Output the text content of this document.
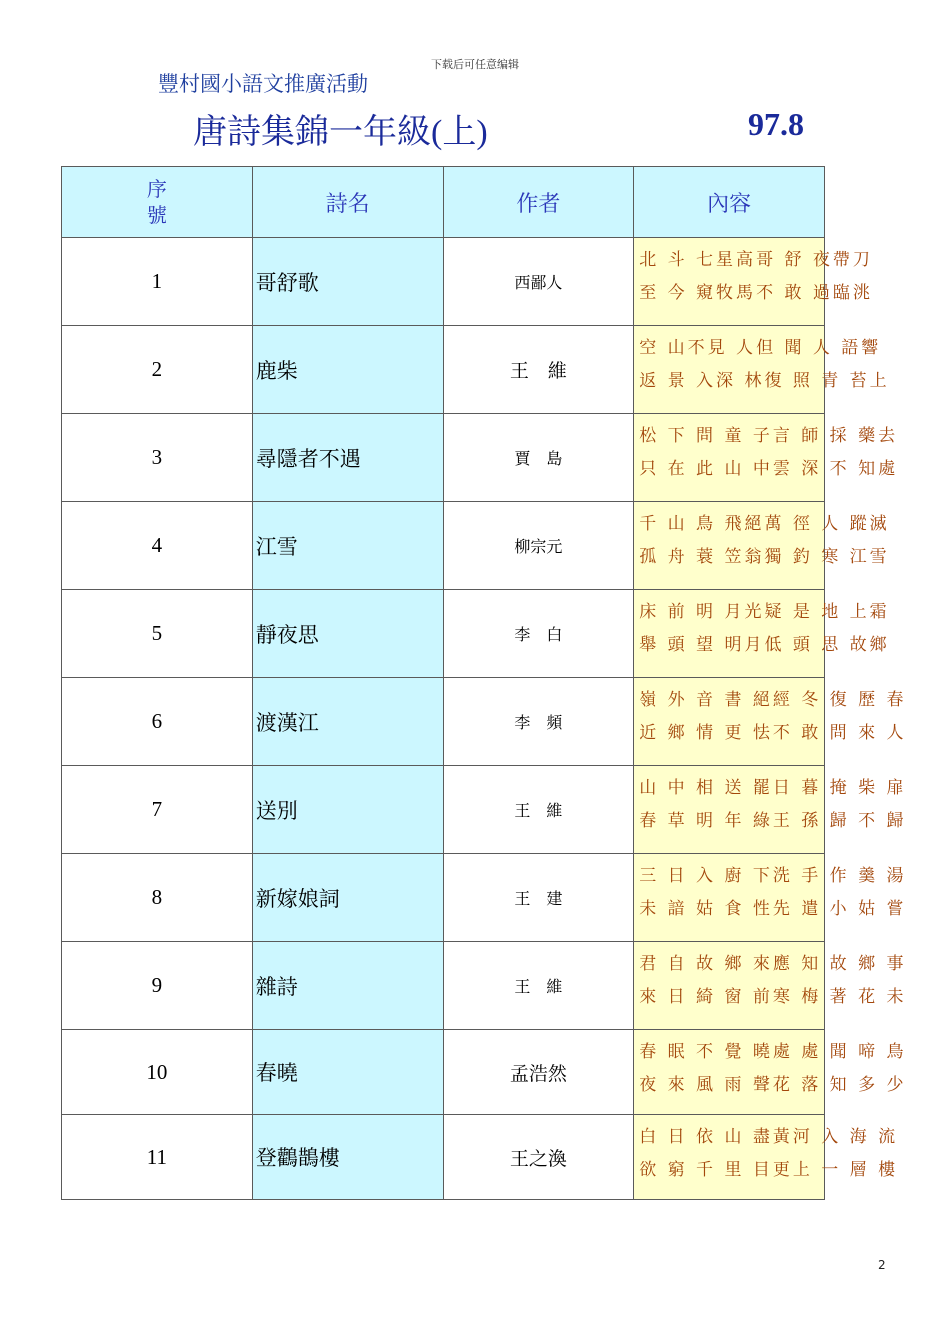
下载后可任意编辑
豐村國小語文推廣活動
唐詩集錦一年級(上)	97.8
序
號	詩名	作者	內容
1	哥舒歌	西鄙人	北 斗 七星高 哥 舒 夜帶刀
至 今 窺牧馬 不 敢 過臨洮

2	鹿柴	王　維	空 山不見 人 但 聞 人 語響
返 景 入深 林 復 照 青 苔上

3	尋隱者不遇	賈　島	松 下 問 童 子 言 師 採 藥去
只 在 此 山 中 雲 深 不 知處

4	江雪	柳宗元	千 山 鳥 飛絕 萬 徑 人 蹤滅
孤 舟 蓑 笠翁 獨 釣 寒 江雪

5	靜夜思	李　白	床 前 明 月光 疑 是 地 上霜
舉 頭 望 明月 低 頭 思 故鄉

6	渡漢江	李　頻	嶺 外 音 書 絕 經 冬 復 歷 春
近 鄉 情 更 怯 不 敢 問 來 人

7	送別	王　維	山 中 相 送 罷 日 暮 掩 柴 扉
春 草 明 年 綠 王 孫 歸 不 歸

8	新嫁娘詞	王　建	三 日 入 廚 下 洗 手 作 羹 湯
未 諳 姑 食 性 先 遣 小 姑 嘗

9	雜詩	王　維	君 自 故 鄉 來 應 知 故 鄉 事
來 日 綺 窗 前 寒 梅 著 花 未

10	春曉	孟浩然	春 眠 不 覺 曉 處 處 聞 啼 鳥
夜 來 風 雨 聲 花 落 知 多 少

11	登鸛鵲樓	王之渙	白 日 依 山 盡 黃河 入 海 流
欲 窮 千 里 目 更上 一 層 樓
2
